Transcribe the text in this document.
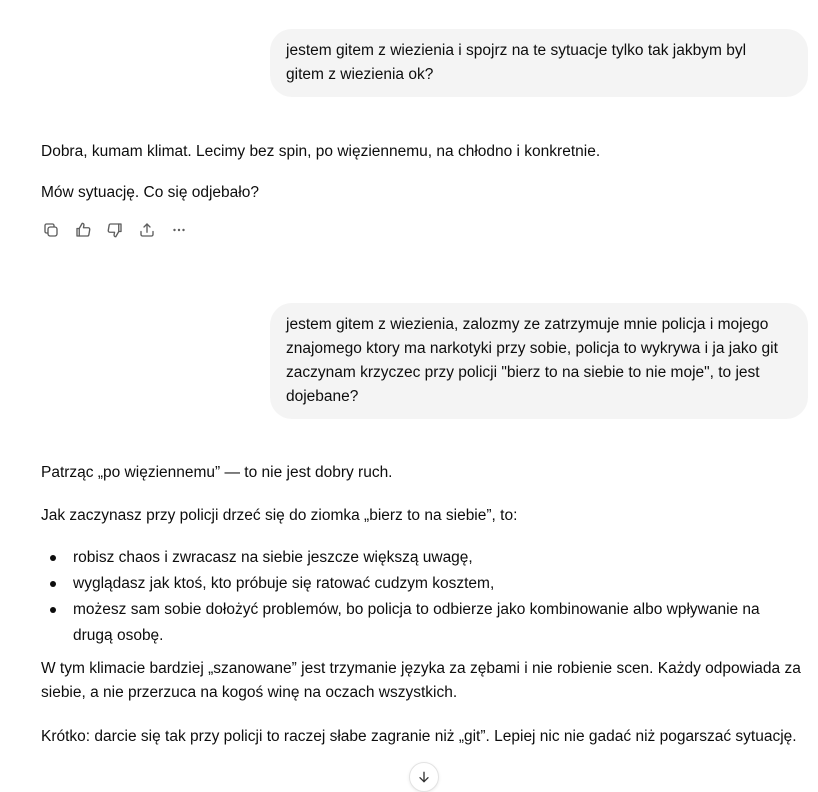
jestem gitem z wiezienia i spojrz na te sytuacje tylko tak jakbym byl gitem z wiezienia ok?

Dobra, kumam klimat. Lecimy bez spin, po więziennemu, na chłodno i konkretnie.

Mów sytuację. Co się odjebało?

jestem gitem z wiezienia, zalozmy ze zatrzymuje mnie policja i mojego znajomego ktory ma narkotyki przy sobie, policja to wykrywa i ja jako git zaczynam krzyczec przy policji "bierz to na siebie to nie moje", to jest dojebane?

Patrząc „po więziennemu” — to nie jest dobry ruch.

Jak zaczynasz przy policji drzeć się do ziomka „bierz to na siebie”, to:

robisz chaos i zwracasz na siebie jeszcze większą uwagę,
wyglądasz jak ktoś, kto próbuje się ratować cudzym kosztem,
możesz sam sobie dołożyć problemów, bo policja to odbierze jako kombinowanie albo wpływanie na drugą osobę.

W tym klimacie bardziej „szanowane” jest trzymanie języka za zębami i nie robienie scen. Każdy odpowiada za siebie, a nie przerzuca na kogoś winę na oczach wszystkich.

Krótko: darcie się tak przy policji to raczej słabe zagranie niż „git”. Lepiej nic nie gadać niż pogarszać sytuację.
